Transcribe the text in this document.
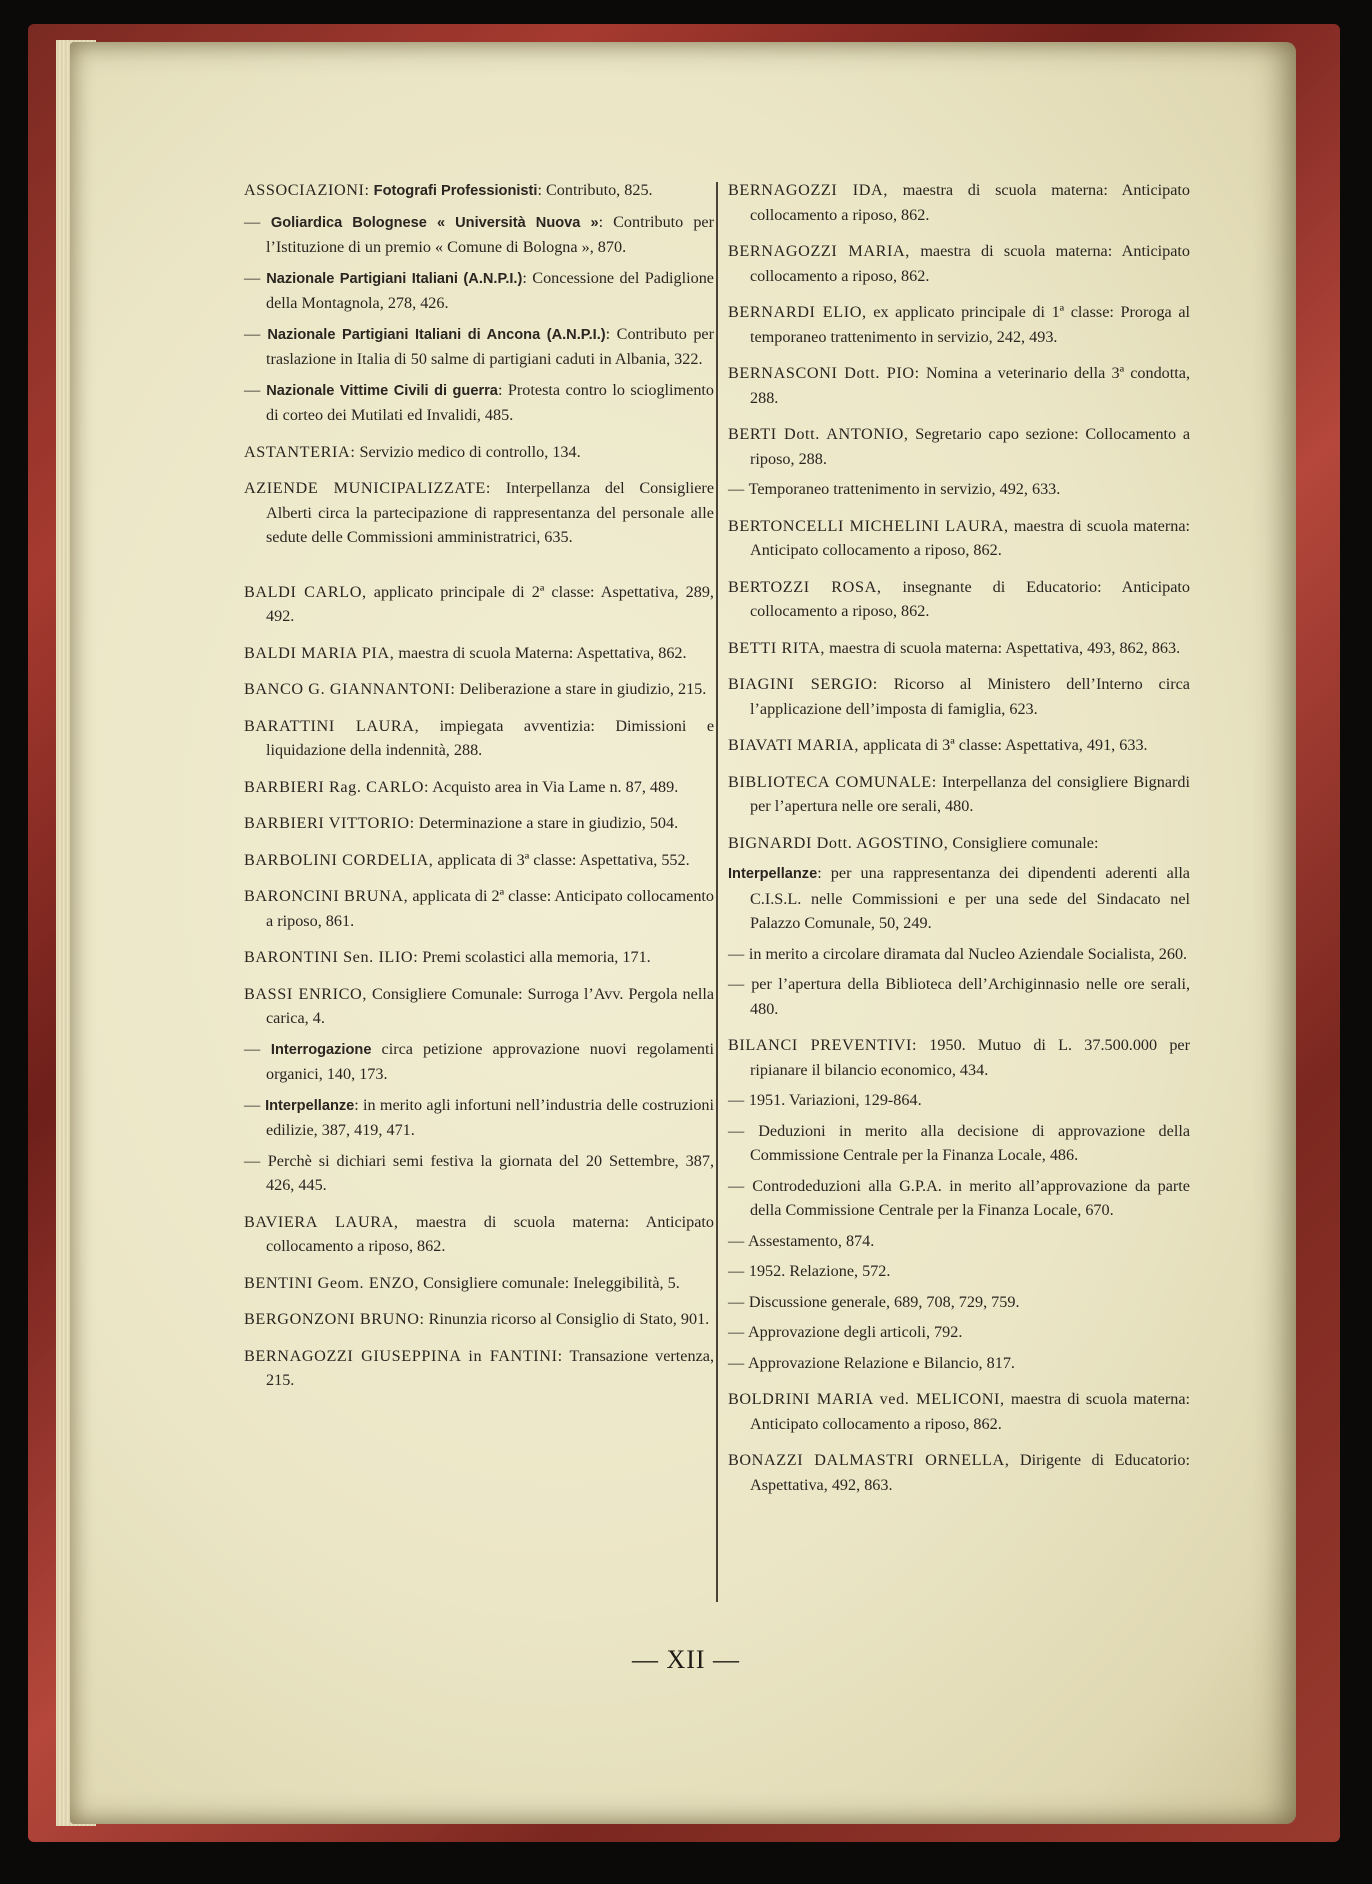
ASSOCIAZIONI: Fotografi Professionisti: Contributo, 825.

— Goliardica Bolognese « Università Nuova »: Contributo per l’Istituzione di un premio « Comune di Bologna », 870.

— Nazionale Partigiani Italiani (A.N.P.I.): Concessione del Padiglione della Montagnola, 278, 426.

— Nazionale Partigiani Italiani di Ancona (A.N.P.I.): Contributo per traslazione in Italia di 50 salme di partigiani caduti in Albania, 322.

— Nazionale Vittime Civili di guerra: Protesta contro lo scioglimento di corteo dei Mutilati ed Invalidi, 485.

ASTANTERIA: Servizio medico di controllo, 134.

AZIENDE MUNICIPALIZZATE: Interpellanza del Consigliere Alberti circa la partecipazione di rappresentanza del personale alle sedute delle Commissioni amministratrici, 635.

BALDI CARLO, applicato principale di 2ª classe: Aspettativa, 289, 492.

BALDI MARIA PIA, maestra di scuola Materna: Aspettativa, 862.

BANCO G. GIANNANTONI: Deliberazione a stare in giudizio, 215.

BARATTINI LAURA, impiegata avventizia: Dimissioni e liquidazione della indennità, 288.

BARBIERI Rag. CARLO: Acquisto area in Via Lame n. 87, 489.

BARBIERI VITTORIO: Determinazione a stare in giudizio, 504.

BARBOLINI CORDELIA, applicata di 3ª classe: Aspettativa, 552.

BARONCINI BRUNA, applicata di 2ª classe: Anticipato collocamento a riposo, 861.

BARONTINI Sen. ILIO: Premi scolastici alla memoria, 171.

BASSI ENRICO, Consigliere Comunale: Surroga l’Avv. Pergola nella carica, 4.

— Interrogazione circa petizione approvazione nuovi regolamenti organici, 140, 173.

— Interpellanze: in merito agli infortuni nell’industria delle costruzioni edilizie, 387, 419, 471.

— Perchè si dichiari semi festiva la giornata del 20 Settembre, 387, 426, 445.

BAVIERA LAURA, maestra di scuola materna: Anticipato collocamento a riposo, 862.

BENTINI Geom. ENZO, Consigliere comunale: Ineleggibilità, 5.

BERGONZONI BRUNO: Rinunzia ricorso al Consiglio di Stato, 901.

BERNAGOZZI GIUSEPPINA in FANTINI: Transazione vertenza, 215.

BERNAGOZZI IDA, maestra di scuola materna: Anticipato collocamento a riposo, 862.

BERNAGOZZI MARIA, maestra di scuola materna: Anticipato collocamento a riposo, 862.

BERNARDI ELIO, ex applicato principale di 1ª classe: Proroga al temporaneo trattenimento in servizio, 242, 493.

BERNASCONI Dott. PIO: Nomina a veterinario della 3ª condotta, 288.

BERTI Dott. ANTONIO, Segretario capo sezione: Collocamento a riposo, 288.

— Temporaneo trattenimento in servizio, 492, 633.

BERTONCELLI MICHELINI LAURA, maestra di scuola materna: Anticipato collocamento a riposo, 862.

BERTOZZI ROSA, insegnante di Educatorio: Anticipato collocamento a riposo, 862.

BETTI RITA, maestra di scuola materna: Aspettativa, 493, 862, 863.

BIAGINI SERGIO: Ricorso al Ministero dell’Interno circa l’applicazione dell’imposta di famiglia, 623.

BIAVATI MARIA, applicata di 3ª classe: Aspettativa, 491, 633.

BIBLIOTECA COMUNALE: Interpellanza del consigliere Bignardi per l’apertura nelle ore serali, 480.

BIGNARDI Dott. AGOSTINO, Consigliere comunale:

Interpellanze: per una rappresentanza dei dipendenti aderenti alla C.I.S.L. nelle Commissioni e per una sede del Sindacato nel Palazzo Comunale, 50, 249.

— in merito a circolare diramata dal Nucleo Aziendale Socialista, 260.

— per l’apertura della Biblioteca dell’Archiginnasio nelle ore serali, 480.

BILANCI PREVENTIVI: 1950. Mutuo di L. 37.500.000 per ripianare il bilancio economico, 434.

— 1951. Variazioni, 129-864.

— Deduzioni in merito alla decisione di approvazione della Commissione Centrale per la Finanza Locale, 486.

— Controdeduzioni alla G.P.A. in merito all’approvazione da parte della Commissione Centrale per la Finanza Locale, 670.

— Assestamento, 874.

— 1952. Relazione, 572.

— Discussione generale, 689, 708, 729, 759.

— Approvazione degli articoli, 792.

— Approvazione Relazione e Bilancio, 817.

BOLDRINI MARIA ved. MELICONI, maestra di scuola materna: Anticipato collocamento a riposo, 862.

BONAZZI DALMASTRI ORNELLA, Dirigente di Educatorio: Aspettativa, 492, 863.

— XII —
